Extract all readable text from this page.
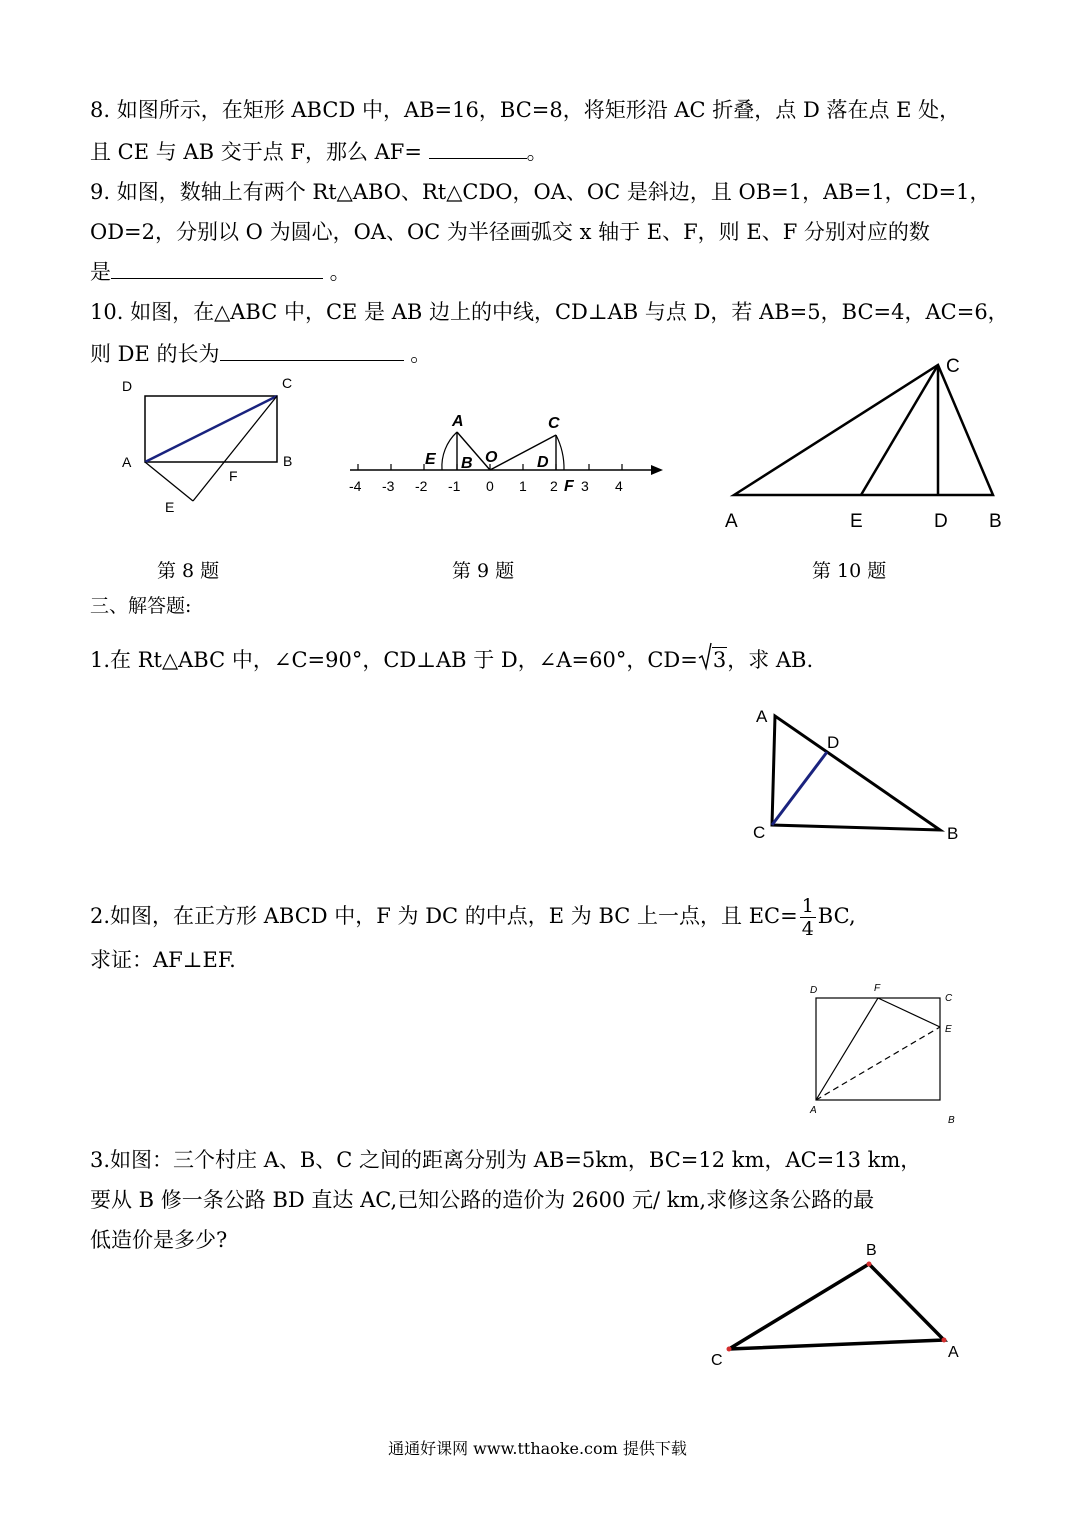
8. 如图所示，在矩形 ABCD 中，AB=16，BC=8，将矩形沿 AC 折叠，点 D 落在点 E 处，
且 CE 与 AB 交于点 F，那么 AF=	。
9. 如图，数轴上有两个 Rt△ABO、Rt△CDO，OA、OC 是斜边，且 OB=1，AB=1，CD=1，
OD=2，分别以 O 为圆心，OA、OC 为半径画弧交 x 轴于 E、F，则 E、F 分别对应的数
是	。
10. 如图，在△ABC 中，CE 是 AB 边上的中线，CD⊥AB 与点 D，若 AB=5，BC=4，AC=6，
则 DE 的长为	。
D	C
A	B
F
E
A	C
E B O D
F
-4 -3 -2 -1 0 1 2 3 4
C
A	E	D B
第 8 题	第 9 题	第 10 题
三、解答题:
1.在 Rt△ABC 中，∠C=90°，CD⊥AB 于 D，∠A=60°，CD= 3，求 AB.
A
D
C	B
2.如图，在正方形 ABCD 中，F 为 DC 的中点，E 为 BC 上一点，且 $EC= \frac{1}{4}$ BC,
求证：AF⊥EF.
D	F
C
E
A
B
3.如图：三个村庄 A、B、C 之间的距离分别为 AB=5km，BC=12 km，AC=13 km，
要从 B 修一条公路 BD 直达 AC,已知公路的造价为 2600 元/ km,求修这条公路的最
低造价是多少?	B
A
C
通通好课网 www.tthaoke.com 提供下载
